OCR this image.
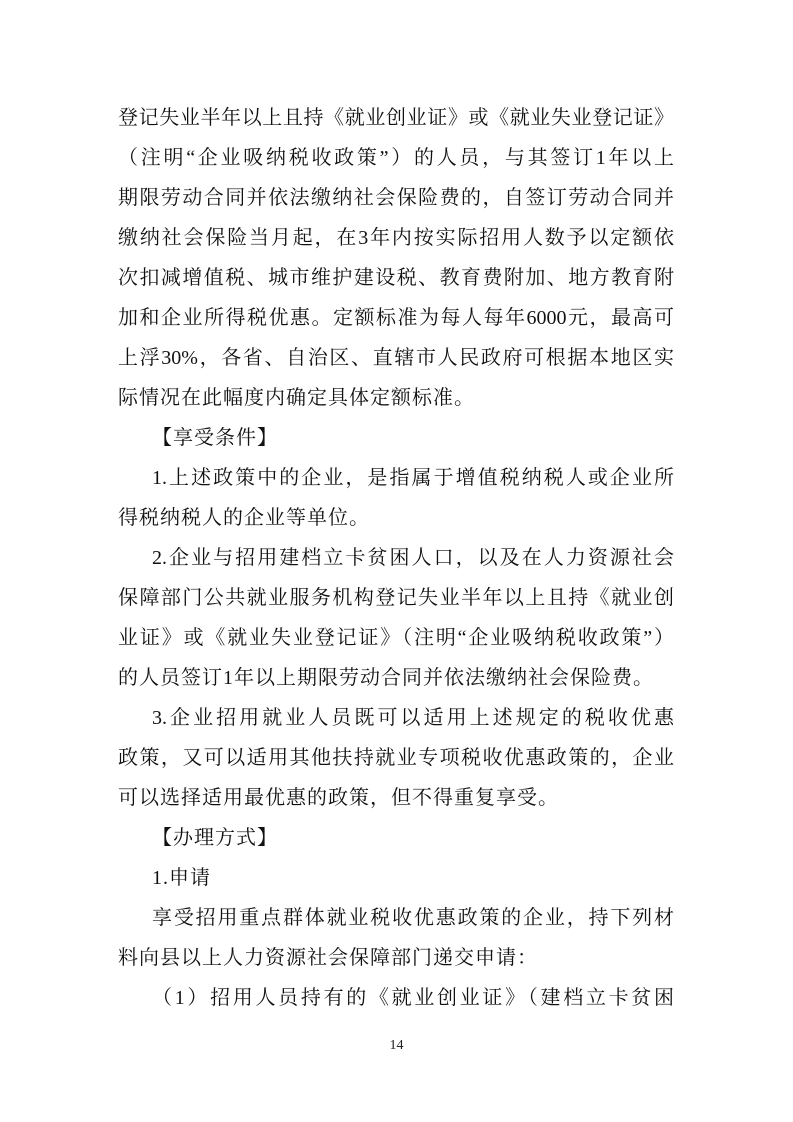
登记失业半年以上且持《就业创业证》或《就业失业登记证》
（注明“企业吸纳税收政策”）的人员，与其签订1年以上
期限劳动合同并依法缴纳社会保险费的，自签订劳动合同并
缴纳社会保险当月起，在3年内按实际招用人数予以定额依
次扣减增值税、城市维护建设税、教育费附加、地方教育附
加和企业所得税优惠。定额标准为每人每年6000元，最高可
上浮30%，各省、自治区、直辖市人民政府可根据本地区实
际情况在此幅度内确定具体定额标准。
【享受条件】
1.上述政策中的企业，是指属于增值税纳税人或企业所
得税纳税人的企业等单位。
2.企业与招用建档立卡贫困人口，以及在人力资源社会
保障部门公共就业服务机构登记失业半年以上且持《就业创
业证》或《就业失业登记证》（注明“企业吸纳税收政策”）
的人员签订1年以上期限劳动合同并依法缴纳社会保险费。
3.企业招用就业人员既可以适用上述规定的税收优惠
政策，又可以适用其他扶持就业专项税收优惠政策的，企业
可以选择适用最优惠的政策，但不得重复享受。
【办理方式】
1.申请
享受招用重点群体就业税收优惠政策的企业，持下列材
料向县以上人力资源社会保障部门递交申请：
（1）招用人员持有的《就业创业证》（建档立卡贫困
14
